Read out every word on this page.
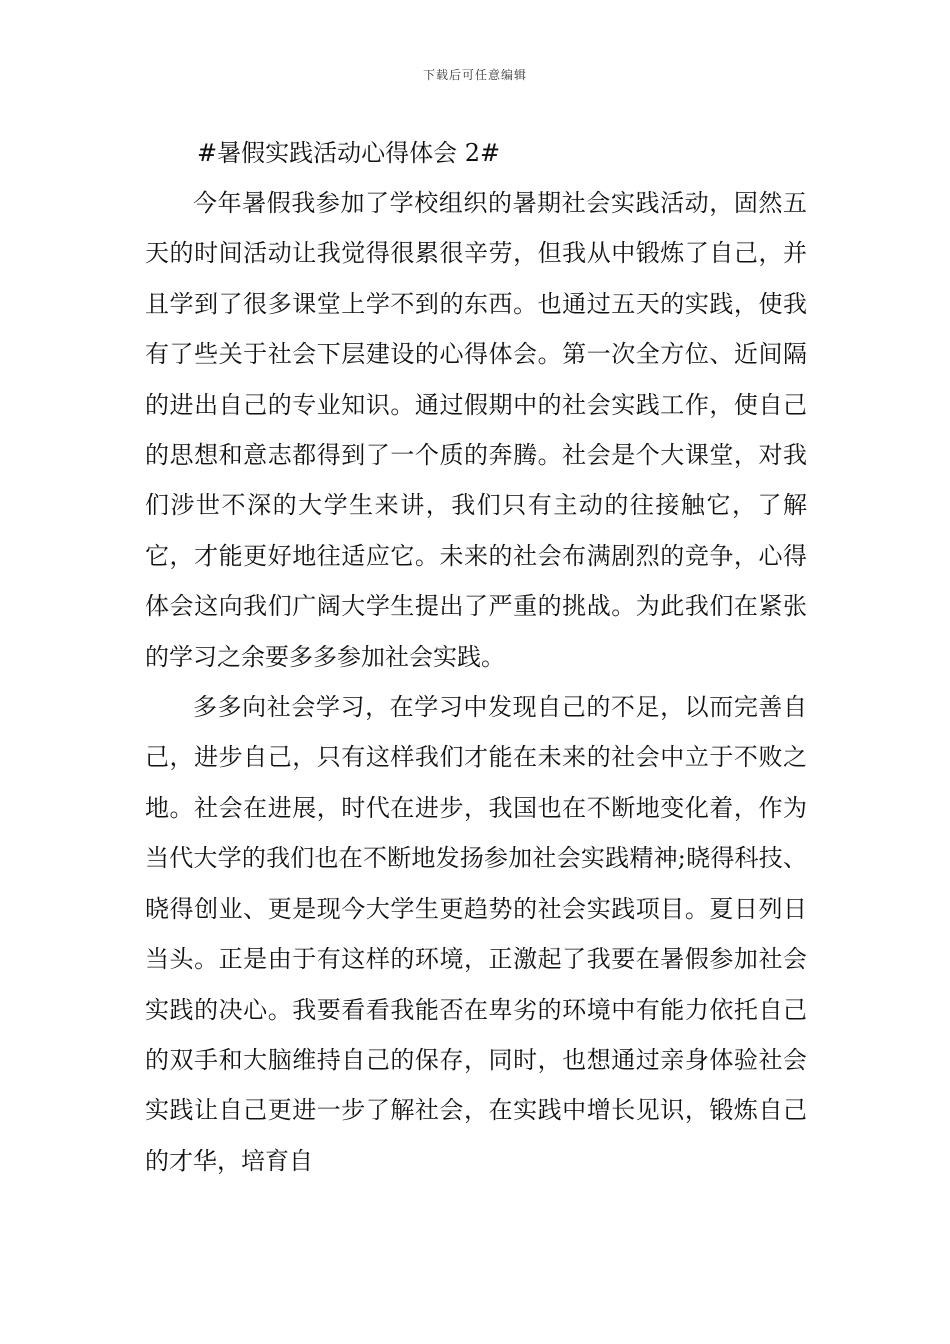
下载后可任意编辑
#暑假实践活动心得体会 2#

今年暑假我参加了学校组织的暑期社会实践活动，固然五天的时间活动让我觉得很累很辛劳，但我从中锻炼了自己，并且学到了很多课堂上学不到的东西。也通过五天的实践，使我有了些关于社会下层建设的心得体会。第一次全方位、近间隔的进出自己的专业知识。通过假期中的社会实践工作，使自己的思想和意志都得到了一个质的奔腾。社会是个大课堂，对我们涉世不深的大学生来讲，我们只有主动的往接触它，了解它，才能更好地往适应它。未来的社会布满剧烈的竞争，心得体会这向我们广阔大学生提出了严重的挑战。为此我们在紧张的学习之余要多多参加社会实践。

多多向社会学习，在学习中发现自己的不足，以而完善自己，进步自己，只有这样我们才能在未来的社会中立于不败之地。社会在进展，时代在进步，我国也在不断地变化着，作为当代大学的我们也在不断地发扬参加社会实践精神;晓得科技、晓得创业、更是现今大学生更趋势的社会实践项目。夏日列日当头。正是由于有这样的环境，正激起了我要在暑假参加社会实践的决心。我要看看我能否在卑劣的环境中有能力依托自己的双手和大脑维持自己的保存，同时，也想通过亲身体验社会实践让自己更进一步了解社会，在实践中增长见识，锻炼自己的才华，培育自
